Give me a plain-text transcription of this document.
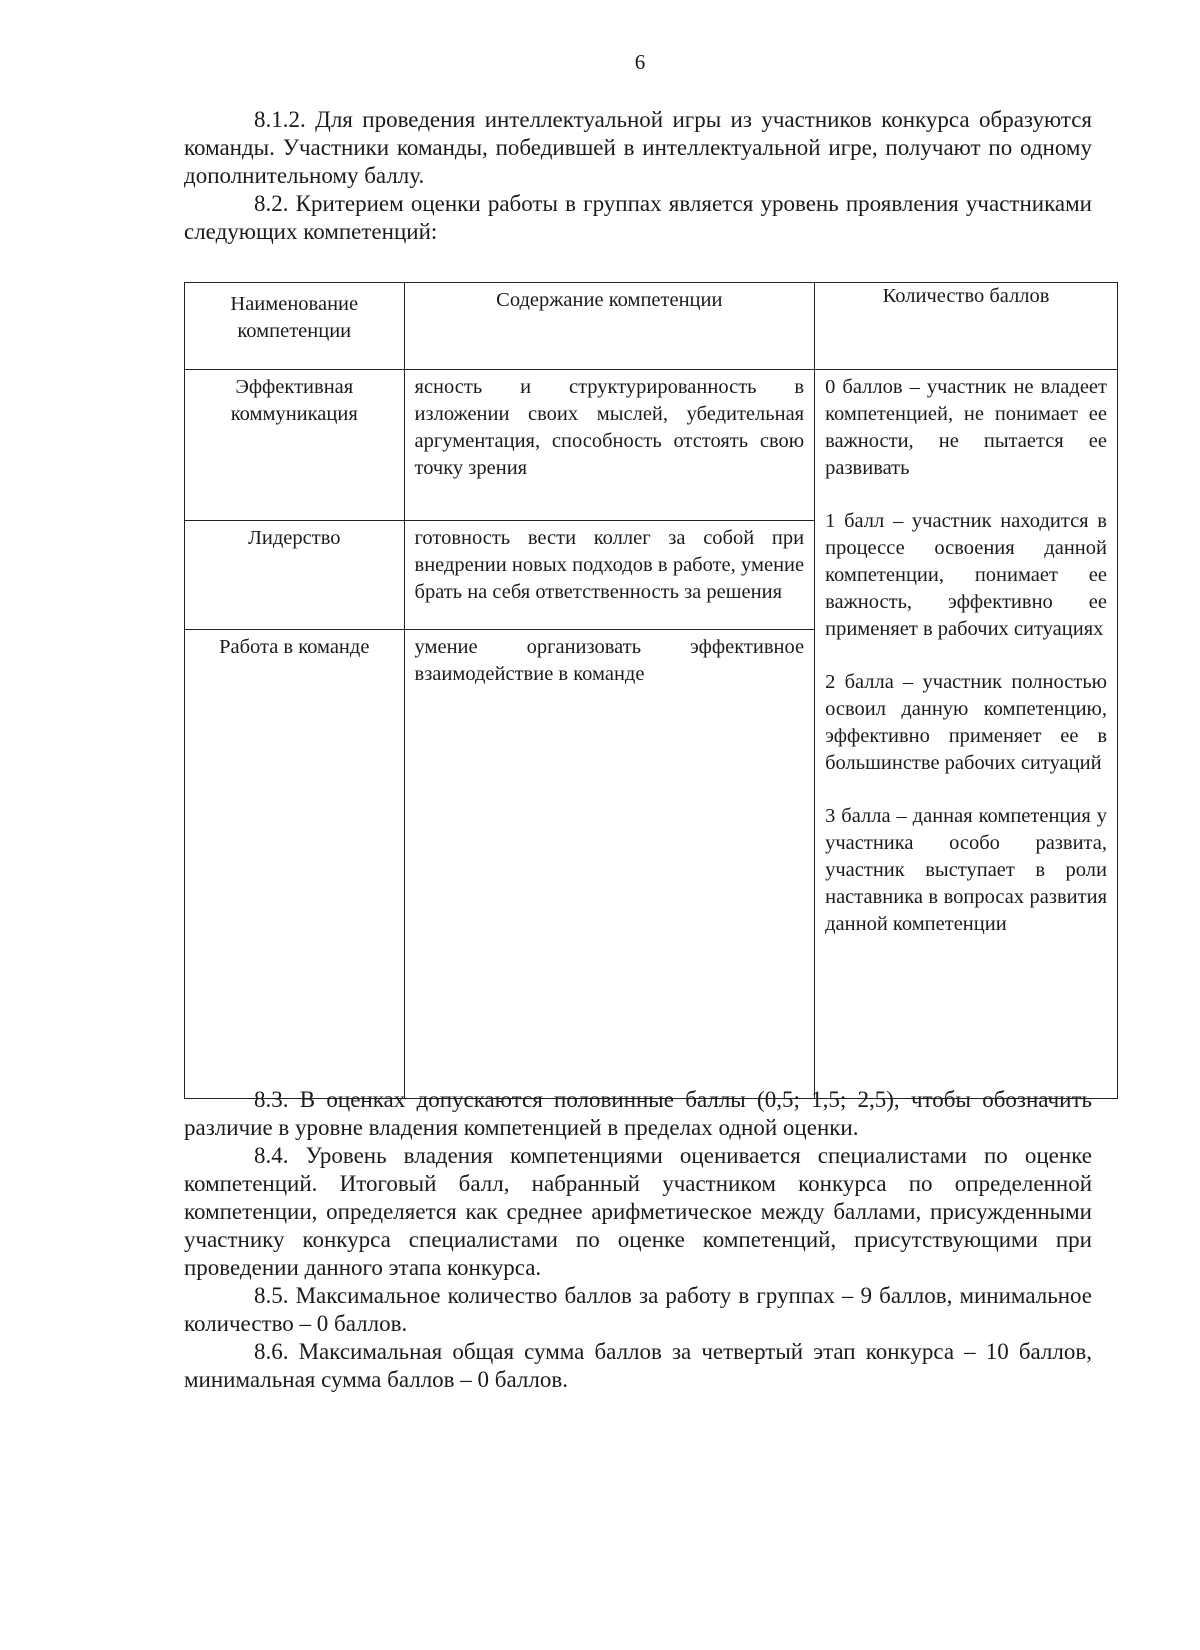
6

8.1.2. Для проведения интеллектуальной игры из участников конкурса образуются команды. Участники команды, победившей в интеллектуальной игре, получают по одному дополнительному баллу.

8.2. Критерием оценки работы в группах является уровень проявления участниками следующих компетенций:

Наименование компетенции	Содержание компетенции	Количество баллов
Эффективная коммуникация	ясность и структурированность в изложении своих мыслей, убедительная аргументация, способность отстоять свою точку зрения	0 баллов – участник не владеет компетенцией, не понимает ее важности, не пытается ее развивать

1 балл – участник находится в процессе освоения данной компетенции, понимает ее важность, эффективно ее применяет в рабочих ситуациях

2 балла – участник полностью освоил данную компетенцию, эффективно применяет ее в большинстве рабочих ситуаций

3 балла – данная компетенция у участника особо развита, участник выступает в роли наставника в вопросах развития данной компетенции

Лидерство	готовность вести коллег за собой при внедрении новых подходов в работе, умение брать на себя ответственность за решения	
Работа в команде	умение организовать эффективное взаимодействие в команде	

8.3. В оценках допускаются половинные баллы (0,5; 1,5; 2,5), чтобы обозначить различие в уровне владения компетенцией в пределах одной оценки.

8.4. Уровень владения компетенциями оценивается специалистами по оценке компетенций. Итоговый балл, набранный участником конкурса по определенной компетенции, определяется как среднее арифметическое между баллами, присужденными участнику конкурса специалистами по оценке компетенций, присутствующими при проведении данного этапа конкурса.

8.5. Максимальное количество баллов за работу в группах – 9 баллов, минимальное количество – 0 баллов.

8.6. Максимальная общая сумма баллов за четвертый этап конкурса – 10 баллов, минимальная сумма баллов – 0 баллов.
